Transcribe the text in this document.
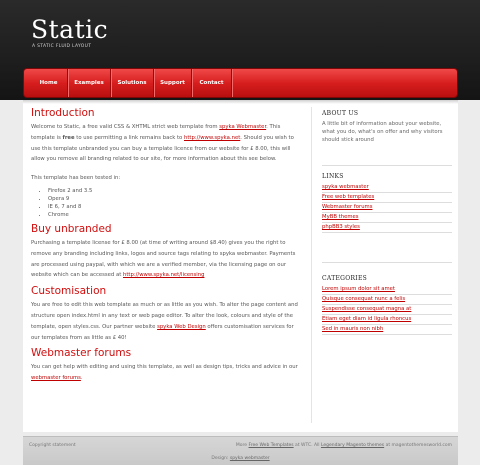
Static
A STATIC FLUID LAYOUT
Home	Examples	Solutions	Support	Contact
Introduction

Welcome to Static, a free valid CSS & XHTML strict web template from spyka Webmaster. This template is free to use permitting a link remains back to http://www.spyka.net. Should you wish to use this template unbranded you can buy a template licence from our website for £ 8.00, this will allow you remove all branding related to our site, for more information about this see below.

This template has been tested in:

• Firefox 2 and 3.5
• Opera 9
• IE 6, 7 and 8
• Chrome
Buy unbranded

Purchasing a template license for £ 8.00 (at time of writing around $8.40) gives you the right to remove any branding including links, logos and source tags relating to spyka webmaster. Payments are processed using paypal, with which we are a verified member, via the licensing page on our website which can be accessed at http://www.spyka.net/licensing

Customisation

You are free to edit this web template as much or as little as you wish. To alter the page content and structure open index.html in any text or web page editor. To alter the look, colours and style of the template, open styles.css. Our partner website spyka Web Design offers customisation services for our templates from as little as £ 40!

Webmaster forums

You can get help with editing and using this template, as well as design tips, tricks and advice in our webmaster forums.

ABOUT US

A little bit of information about your website, what you do, what's on offer and why visitors should stick around

LINKS
spyka webmaster
Free web templates
Webmaster forums
MyBB themes
phpBB3 styles
CATEGORIES
Lorem ipsum dolor sit amet
Quisque consequat nunc a felis
Suspendisse consequat magna at
Etiam eget diam id ligula rhoncus
Sed in mauris non nibh
Copyright statement	More Free Web Templates at WTC. All Legendary Magento themes at magentothemesworld.com
Design: spyka webmaster
